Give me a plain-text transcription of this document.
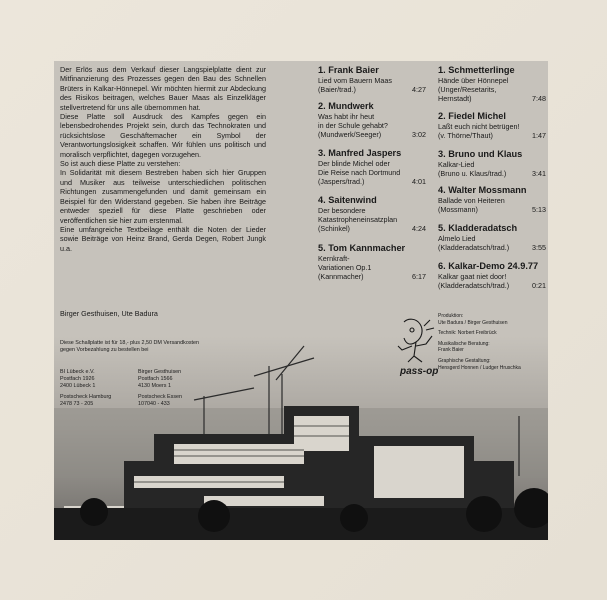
Der Erlös aus dem Verkauf dieser Langspielplatte dient zur Mitfinanzierung des Prozesses gegen den Bau des Schnellen Brüters in Kalkar-Hönnepel. Wir möchten hiermit zur Abdeckung des Risikos beitragen, welches Bauer Maas als Einzelkläger stellvertretend für uns alle übernommen hat.

Diese Platte soll Ausdruck des Kampfes gegen ein lebensbedrohendes Projekt sein, durch das Technokraten und rücksichtslose Geschäftemacher ein Symbol der Verantwortungslosigkeit schaffen. Wir fühlen uns politisch und moralisch verpflichtet, dagegen vorzugehen.

So ist auch diese Platte zu verstehen:

In Solidarität mit diesem Bestreben haben sich hier Gruppen und Musiker aus teilweise unterschiedlichen politischen Richtungen zusammengefunden und damit gemeinsam ein Beispiel für den Widerstand gegeben. Sie haben ihre Beiträge entweder speziell für diese Platte geschrieben oder veröffentlichen sie hier zum erstenmal.

Eine umfangreiche Textbeilage enthält die Noten der Lieder sowie Beiträge von Heinz Brand, Gerda Degen, Robert Jungk u.a.

Birger Gesthuisen, Ute Badura
Diese Schallplatte ist für 18,- plus 2,50 DM Versandkosten gegen Vorbezahlung zu bestellen bei
BI Lübeck e.V.
Postfach 1926
2400 Lübeck 1
Postscheck Hamburg
2478 73 - 205
Birger Gesthuisen
Postfach 1566
4130 Moers 1
Postscheck Essen
107040 - 433
1. Frank Baier
Lied vom Bauern Maas
(Baier/trad.)	4:27
2. Mundwerk
Was habt ihr heut
in der Schule gehabt?
(Mundwerk/Seeger)	3:02
3. Manfred Jaspers
Der blinde Michel oder
Die Reise nach Dortmund
(Jaspers/trad.)	4:01
4. Saitenwind
Der besondere
Katastropheneinsatzplan
(Schinkel)	4:24
5. Tom Kannmacher
Kernkraft-
Variationen Op.1
(Kannmacher)	6:17
1. Schmetterlinge
Hände über Hönnepel
(Unger/Resetarits,
Hernstadt)	7:48
2. Fiedel Michel
Laßt euch nicht betrügen!
(v. Thörne/Thaut)	1:47
3. Bruno und Klaus
Kalkar-Lied
(Bruno u. Klaus/trad.)	3:41
4. Walter Mossmann
Ballade von Heiteren
(Mossmann)	5:13
5. Kladderadatsch
Almelo Lied
(Kladderadatsch/trad.)	3:55
6. Kalkar-Demo 24.9.77
Kalkar gaat niet door!
(Kladderadatsch/trad.)	0:21

Produktion:

Ute Badura / Birger Gesthuisen

Technik: Norbert Freibrück

Musikalische Beratung:

Frank Baier

Graphische Gestaltung:

Hensgerd Honnen / Ludger Hruschka

pass-op
